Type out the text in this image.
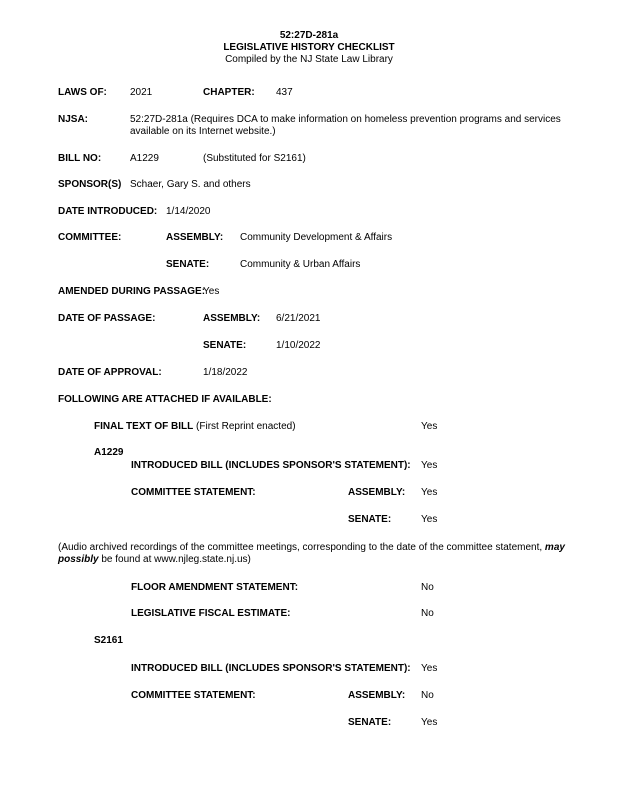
52:27D-281a
LEGISLATIVE HISTORY CHECKLIST
Compiled by the NJ State Law Library
LAWS OF: 2021	CHAPTER: 437
NJSA:	52:27D-281a (Requires DCA to make information on homeless prevention programs and services available on its Internet website.)
BILL NO:	A1229	(Substituted for S2161)
SPONSOR(S) Schaer, Gary S. and others
DATE INTRODUCED: 1/14/2020
COMMITTEE:	ASSEMBLY: Community Development & Affairs
SENATE:	Community & Urban Affairs
AMENDED DURING PASSAGE:
Yes
DATE OF PASSAGE:	ASSEMBLY: 6/21/2021
SENATE:	1/10/2022
DATE OF APPROVAL:	1/18/2022
FOLLOWING ARE ATTACHED IF AVAILABLE:
FINAL TEXT OF BILL (First Reprint enacted)	Yes
A1229
INTRODUCED BILL (INCLUDES SPONSOR'S STATEMENT): Yes
COMMITTEE STATEMENT:	ASSEMBLY: Yes
SENATE:	Yes
(Audio archived recordings of the committee meetings, corresponding to the date of the committee statement, may possibly be found at www.njleg.state.nj.us)
FLOOR AMENDMENT STATEMENT:	No
LEGISLATIVE FISCAL ESTIMATE:	No
S2161
INTRODUCED BILL (INCLUDES SPONSOR'S STATEMENT): Yes
COMMITTEE STATEMENT:	ASSEMBLY: No
SENATE:	Yes
